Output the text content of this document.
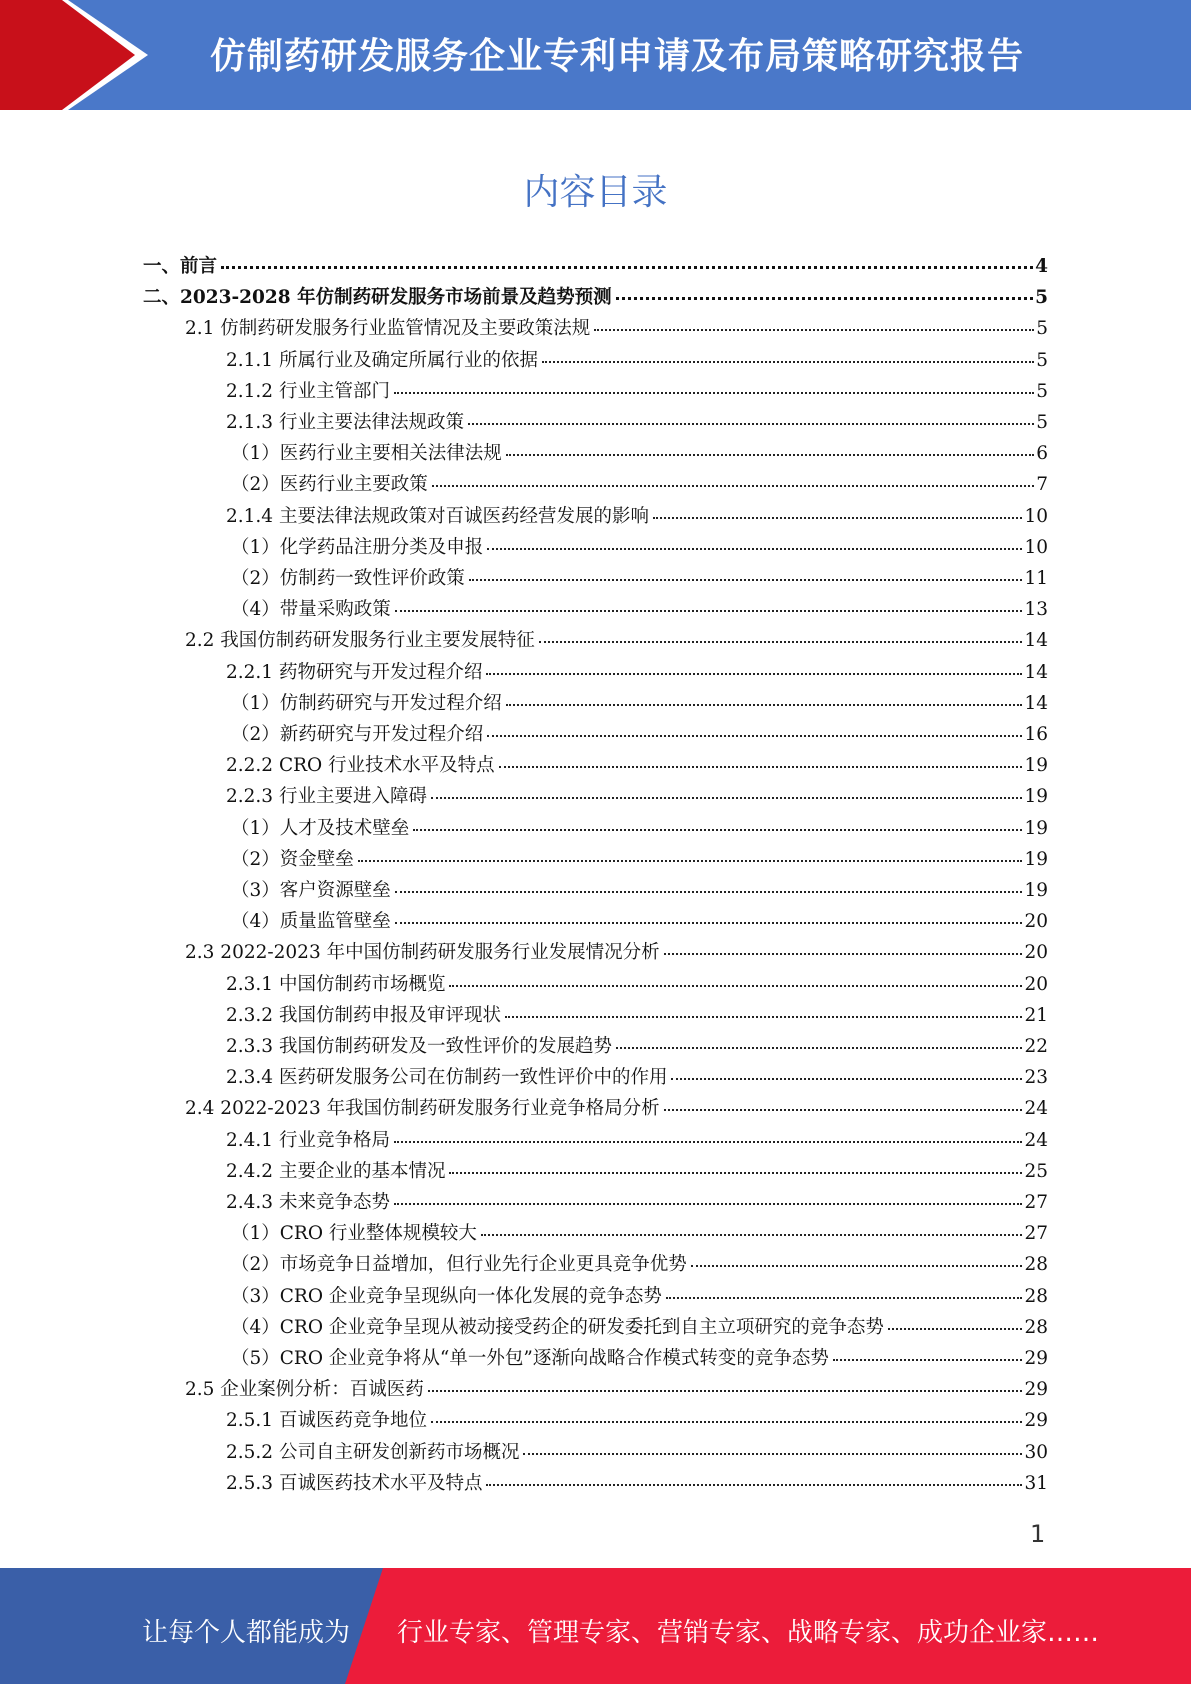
仿制药研发服务企业专利申请及布局策略研究报告
内容目录
一、前言	4
二、2023-2028 年仿制药研发服务市场前景及趋势预测	5
2.1 仿制药研发服务行业监管情况及主要政策法规	5
2.1.1 所属行业及确定所属行业的依据	5
2.1.2 行业主管部门	5
2.1.3 行业主要法律法规政策	5
（1）医药行业主要相关法律法规	6
（2）医药行业主要政策	7
2.1.4 主要法律法规政策对百诚医药经营发展的影响	10
（1）化学药品注册分类及申报	10
（2）仿制药一致性评价政策	11
（4）带量采购政策	13
2.2 我国仿制药研发服务行业主要发展特征	14
2.2.1 药物研究与开发过程介绍	14
（1）仿制药研究与开发过程介绍	14
（2）新药研究与开发过程介绍	16
2.2.2 CRO 行业技术水平及特点	19
2.2.3 行业主要进入障碍	19
（1）人才及技术壁垒	19
（2）资金壁垒	19
（3）客户资源壁垒	19
（4）质量监管壁垒	20
2.3 2022-2023 年中国仿制药研发服务行业发展情况分析	20
2.3.1 中国仿制药市场概览	20
2.3.2 我国仿制药申报及审评现状	21
2.3.3 我国仿制药研发及一致性评价的发展趋势	22
2.3.4 医药研发服务公司在仿制药一致性评价中的作用	23
2.4 2022-2023 年我国仿制药研发服务行业竞争格局分析	24
2.4.1 行业竞争格局	24
2.4.2 主要企业的基本情况	25
2.4.3 未来竞争态势	27
（1）CRO 行业整体规模较大	27
（2）市场竞争日益增加，但行业先行企业更具竞争优势	28
（3）CRO 企业竞争呈现纵向一体化发展的竞争态势	28
（4）CRO 企业竞争呈现从被动接受药企的研发委托到自主立项研究的竞争态势	28
（5）CRO 企业竞争将从“单一外包”逐渐向战略合作模式转变的竞争态势	29
2.5 企业案例分析：百诚医药	29
2.5.1 百诚医药竞争地位	29
2.5.2 公司自主研发创新药市场概况	30
2.5.3 百诚医药技术水平及特点	31
1
让每个人都能成为 行业专家、管理专家、营销专家、战略专家、成功企业家……
